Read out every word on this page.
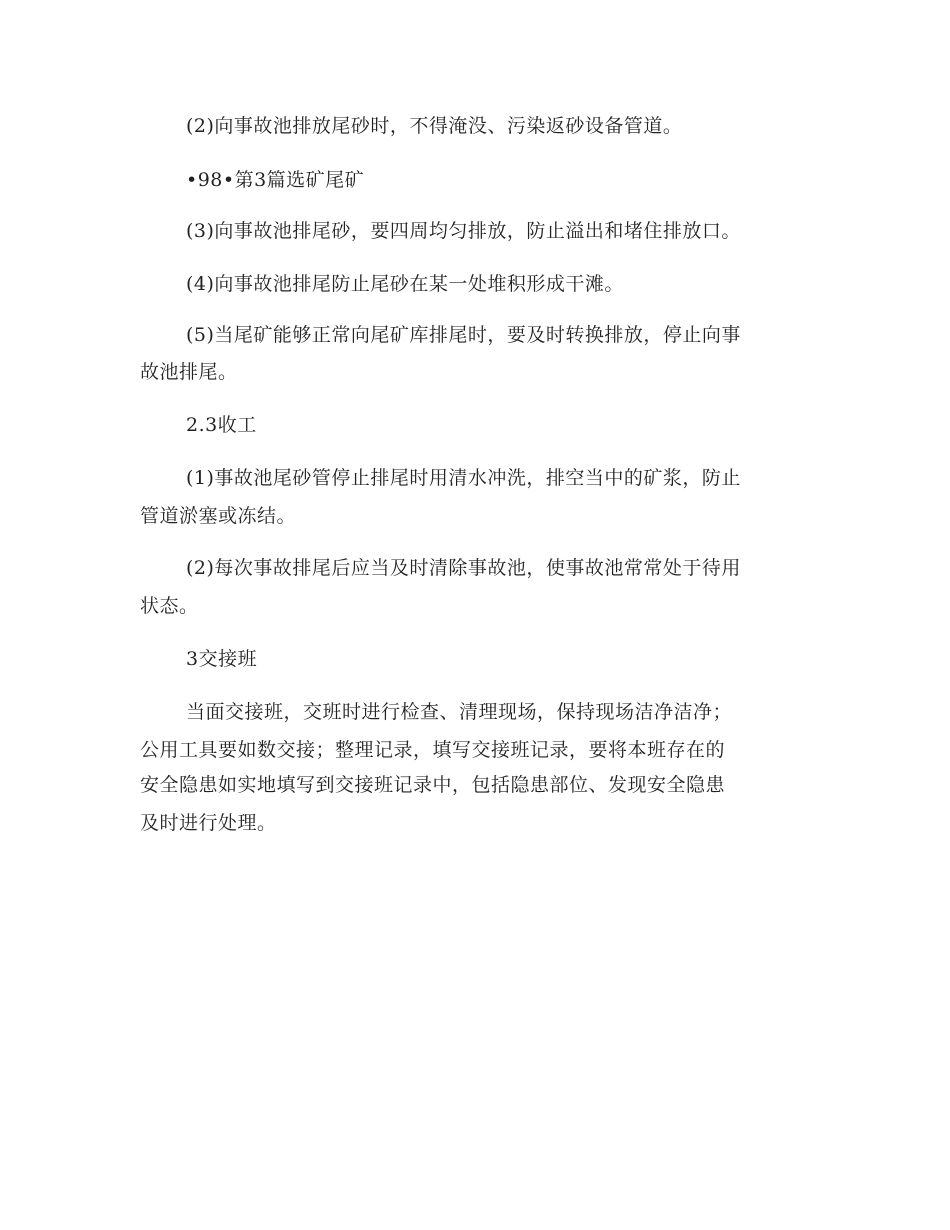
(2)向事故池排放尾砂时，不得淹没、污染返砂设备管道。
•98•第3篇选矿尾矿
(3)向事故池排尾砂，要四周均匀排放，防止溢出和堵住排放口。
(4)向事故池排尾防止尾砂在某一处堆积形成干滩。
(5)当尾矿能够正常向尾矿库排尾时，要及时转换排放，停止向事
故池排尾。
2.3收工
(1)事故池尾砂管停止排尾时用清水冲洗，排空当中的矿浆，防止
管道淤塞或冻结。
(2)每次事故排尾后应当及时清除事故池，使事故池常常处于待用
状态。
3交接班
当面交接班，交班时进行检查、清理现场，保持现场洁净洁净；
公用工具要如数交接；整理记录，填写交接班记录，要将本班存在的
安全隐患如实地填写到交接班记录中，包括隐患部位、发现安全隐患
及时进行处理。
